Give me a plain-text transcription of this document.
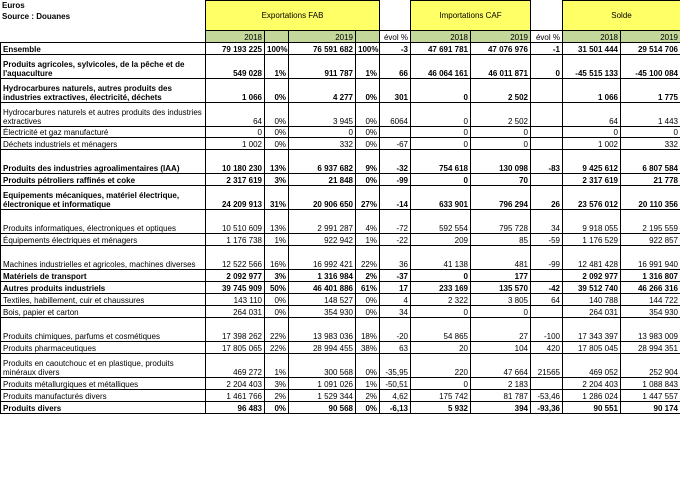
Euros
Source : Douanes
		Exportations FAB					Importations CAF			Solde	
	2018		2019		évol %	2018	2019	évol %	2018	2019
Ensemble	79 193 225	100%	76 591 682	100%	-3	47 691 781	47 076 976	-1	31 501 444	29 514 706
Produits agricoles, sylvicoles, de la pêche et de l'aquaculture	549 028	1%	911 787	1%	66	46 064 161	46 011 871	0	-45 515 133	-45 100 084
Hydrocarbures naturels, autres produits des industries extractives, électricité, déchets	1 066	0%	4 277	0%	301	0	2 502		1 066	1 775
Hydrocarbures naturels et autres produits des industries extractives	64	0%	3 945	0%	6064	0	2 502		64	1 443
Électricité et gaz manufacturé	0	0%	0	0%		0	0		0	0
Déchets industriels et ménagers	1 002	0%	332	0%	-67	0	0		1 002	332
Produits des industries agroalimentaires (IAA)	10 180 230	13%	6 937 682	9%	-32	754 618	130 098	-83	9 425 612	6 807 584
Produits pétroliers raffinés et coke	2 317 619	3%	21 848	0%	-99	0	70		2 317 619	21 778
Equipements mécaniques, matériel électrique, électronique et informatique	24 209 913	31%	20 906 650	27%	-14	633 901	796 294	26	23 576 012	20 110 356
Produits informatiques, électroniques et optiques	10 510 609	13%	2 991 287	4%	-72	592 554	795 728	34	9 918 055	2 195 559
Équipements électriques et ménagers	1 176 738	1%	922 942	1%	-22	209	85	-59	1 176 529	922 857
Machines industrielles et agricoles, machines diverses	12 522 566	16%	16 992 421	22%	36	41 138	481	-99	12 481 428	16 991 940
Matériels de transport	2 092 977	3%	1 316 984	2%	-37	0	177		2 092 977	1 316 807
Autres produits industriels	39 745 909	50%	46 401 886	61%	17	233 169	135 570	-42	39 512 740	46 266 316
Textiles, habillement, cuir et chaussures	143 110	0%	148 527	0%	4	2 322	3 805	64	140 788	144 722
Bois, papier et carton	264 031	0%	354 930	0%	34	0	0		264 031	354 930
Produits chimiques, parfums et cosmétiques	17 398 262	22%	13 983 036	18%	-20	54 865	27	-100	17 343 397	13 983 009
Produits pharmaceutiques	17 805 065	22%	28 994 455	38%	63	20	104	420	17 805 045	28 994 351
Produits en caoutchouc et en plastique, produits minéraux divers	469 272	1%	300 568	0%	-35,95	220	47 664	21565	469 052	252 904
Produits métallurgiques et métalliques	2 204 403	3%	1 091 026	1%	-50,51	0	2 183		2 204 403	1 088 843
Produits manufacturés divers	1 461 766	2%	1 529 344	2%	4,62	175 742	81 787	-53,46	1 286 024	1 447 557
Produits divers	96 483	0%	90 568	0%	-6,13	5 932	394	-93,36	90 551	90 174
